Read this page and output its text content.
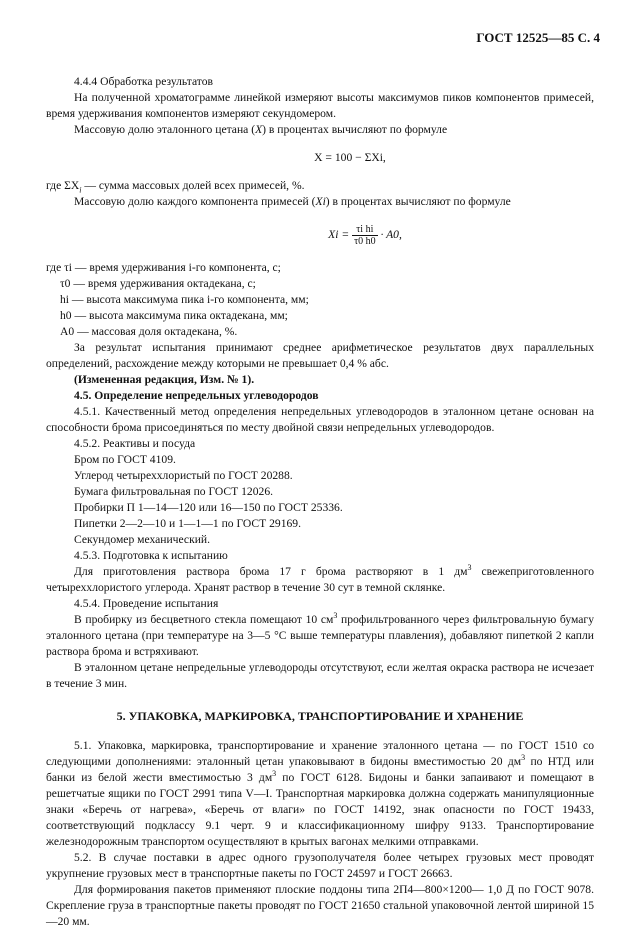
ГОСТ 12525—85 С. 4

4.4.4 Обработка результатов

На полученной хроматограмме линейкой измеряют высоты максимумов пиков компонентов примесей, время удерживания компонентов измеряют секундомером.

Массовую долю эталонного цетана (X) в процентах вычисляют по формуле

X = 100 − ΣXi,

где $\Sigma X_i$ — сумма массовых долей всех примесей, %.

Массовую долю каждого компонента примесей (Xi) в процентах вычисляют по формуле

$Xi = \frac{\text{τi hi}}{\tau 0 h0} \cdot A0$,

где τi — время удерживания i-го компонента, с;

τ0 — время удерживания октадекана, с;

hi — высота максимума пика i-го компонента, мм;

h0 — высота максимума пика октадекана, мм;

A0 — массовая доля октадекана, %.

За результат испытания принимают среднее арифметическое результатов двух параллельных определений, расхождение между которыми не превышает 0,4 % абс.

(Измененная редакция, Изм. № 1).

4.5. Определение непредельных углеводородов

4.5.1. Качественный метод определения непредельных углеводородов в эталонном цетане основан на способности брома присоединяться по месту двойной связи непредельных углеводородов.

4.5.2. Реактивы и посуда

Бром по ГОСТ 4109.

Углерод четыреххлористый по ГОСТ 20288.

Бумага фильтровальная по ГОСТ 12026.

Пробирки П 1—14—120 или 16—150 по ГОСТ 25336.

Пипетки 2—2—10 и 1—1—1 по ГОСТ 29169.

Секундомер механический.

4.5.3. Подготовка к испытанию

Для приготовления раствора брома 17 г брома растворяют в 1 $дм^3$ свежеприготовленного четыреххлористого углерода. Хранят раствор в течение 30 сут в темной склянке.

4.5.4. Проведение испытания

В пробирку из бесцветного стекла помещают 10 $см^3$ профильтрованного через фильтровальную бумагу эталонного цетана (при температуре на 3—5 °С выше температуры плавления), добавляют пипеткой 2 капли раствора брома и встряхивают.

В эталонном цетане непредельные углеводороды отсутствуют, если желтая окраска раствора не исчезает в течение 3 мин.

5. УПАКОВКА, МАРКИРОВКА, ТРАНСПОРТИРОВАНИЕ И ХРАНЕНИЕ

5.1. Упаковка, маркировка, транспортирование и хранение эталонного цетана — по ГОСТ 1510 со следующими дополнениями: эталонный цетан упаковывают в бидоны вместимостью 20 $дм^3$ по НТД или банки из белой жести вместимостью 3 $дм^3$ по ГОСТ 6128. Бидоны и банки запаивают и помещают в решетчатые ящики по ГОСТ 2991 типа V—I. Транспортная маркировка должна содержать манипуляционные знаки «Беречь от нагрева», «Беречь от влаги» по ГОСТ 14192, знак опасности по ГОСТ 19433, соответствующий подклассу 9.1 черт. 9 и классификационному шифру 9133. Транспортирование железнодорожным транспортом осуществляют в крытых вагонах мелкими отправками.

5.2. В случае поставки в адрес одного грузополучателя более четырех грузовых мест проводят укрупнение грузовых мест в транспортные пакеты по ГОСТ 24597 и ГОСТ 26663.

Для формирования пакетов применяют плоские поддоны типа 2П4—800×1200— 1,0 Д по ГОСТ 9078. Скрепление груза в транспортные пакеты проводят по ГОСТ 21650 стальной упаковочной лентой шириной 15—20 мм.
